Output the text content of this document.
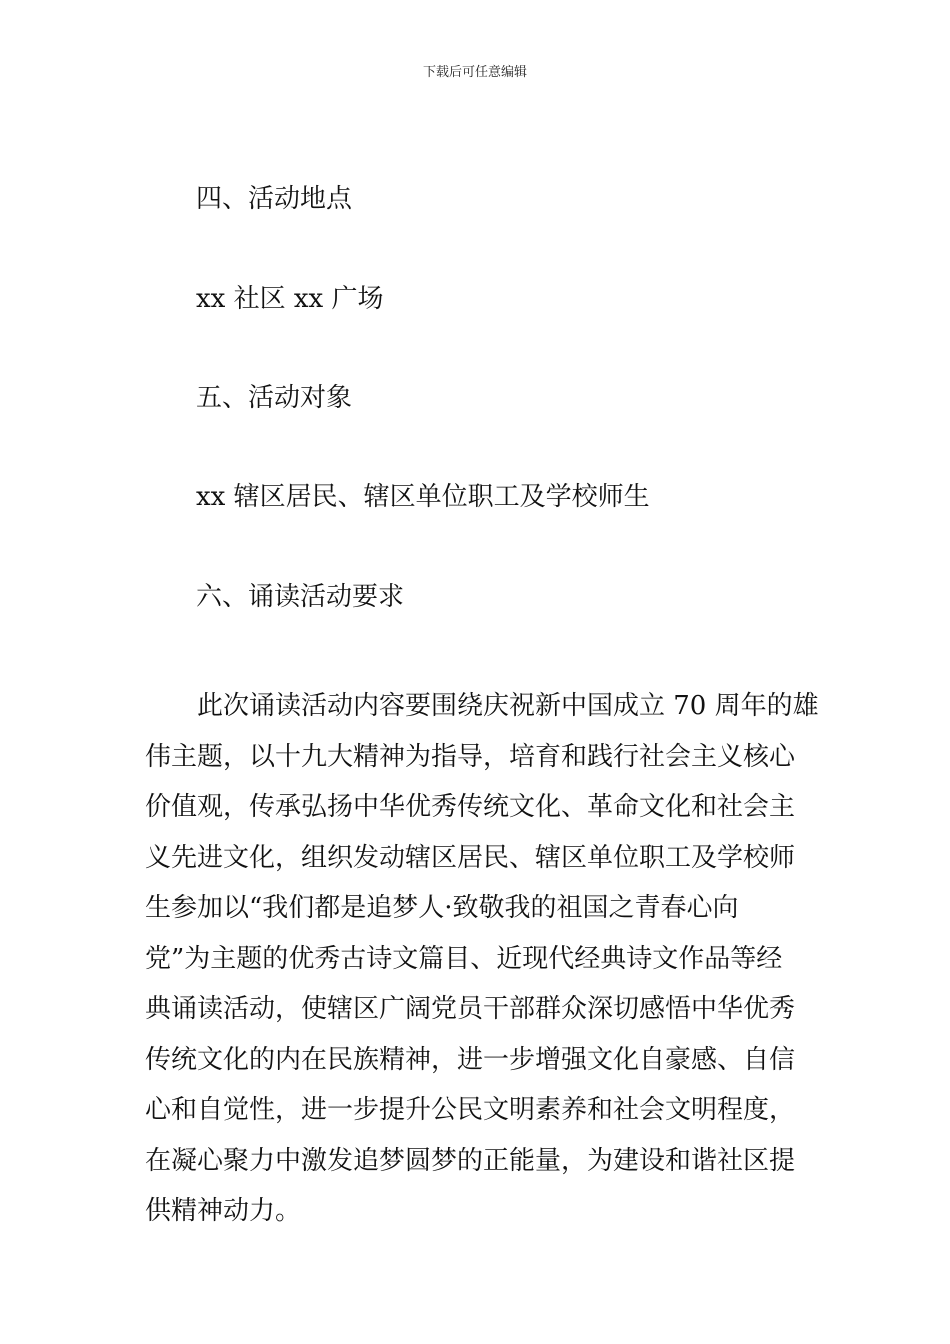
下载后可任意编辑
四、活动地点
xx 社区 xx 广场
五、活动对象
xx 辖区居民、辖区单位职工及学校师生
六、诵读活动要求
此次诵读活动内容要围绕庆祝新中国成立 70 周年的雄
伟主题，以十九大精神为指导，培育和践行社会主义核心
价值观，传承弘扬中华优秀传统文化、革命文化和社会主
义先进文化，组织发动辖区居民、辖区单位职工及学校师
生参加以“我们都是追梦人·致敬我的祖国之青春心向
党”为主题的优秀古诗文篇目、近现代经典诗文作品等经
典诵读活动，使辖区广阔党员干部群众深切感悟中华优秀
传统文化的内在民族精神，进一步增强文化自豪感、自信
心和自觉性，进一步提升公民文明素养和社会文明程度，
在凝心聚力中激发追梦圆梦的正能量，为建设和谐社区提
供精神动力。
